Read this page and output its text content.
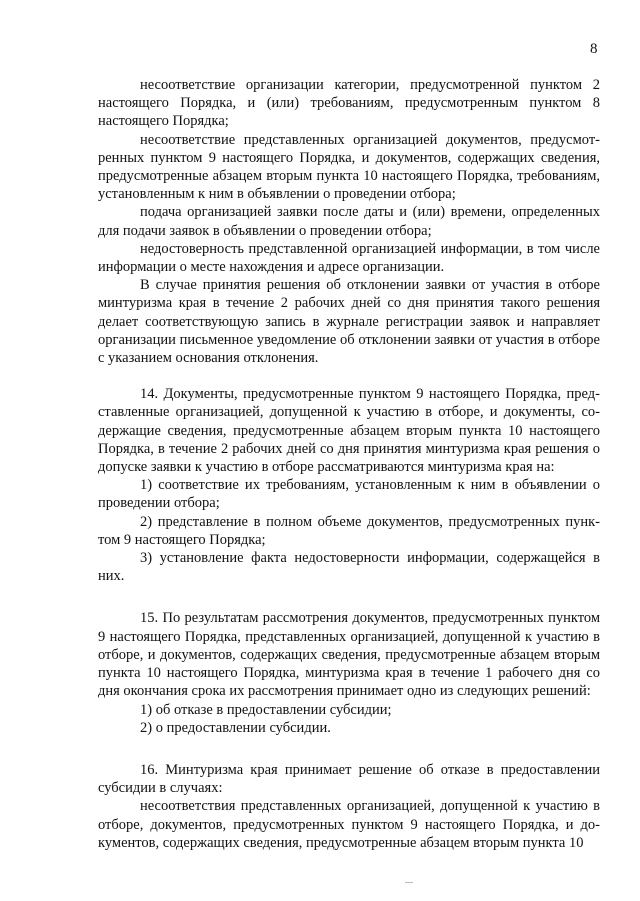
8

несоответствие организации категории, предусмотренной пунктом 2 настоящего Порядка, и (или) требованиям, предусмотренным пунктом 8 настоящего Порядка;

несоответствие представленных организацией документов, предусмотренных пунктом 9 настоящего Порядка, и документов, содержащих сведения, предусмотренные абзацем вторым пункта 10 настоящего Порядка, требованиям, установленным к ним в объявлении о проведении отбора;

подача организацией заявки после даты и (или) времени, определенных для подачи заявок в объявлении о проведении отбора;

недостоверность представленной организацией информации, в том числе информации о месте нахождения и адресе организации.

В случае принятия решения об отклонении заявки от участия в отборе минтуризма края в течение 2 рабочих дней со дня принятия такого решения делает соответствующую запись в журнале регистрации заявок и направляет организации письменное уведомление об отклонении заявки от участия в отборе с указанием основания отклонения.

14. Документы, предусмотренные пунктом 9 настоящего Порядка, представленные организацией, допущенной к участию в отборе, и документы, содержащие сведения, предусмотренные абзацем вторым пункта 10 настоящего Порядка, в течение 2 рабочих дней со дня принятия минтуризма края решения о допуске заявки к участию в отборе рассматриваются минтуризма края на:

1) соответствие их требованиям, установленным к ним в объявлении о проведении отбора;

2) представление в полном объеме документов, предусмотренных пунктом 9 настоящего Порядка;

3) установление факта недостоверности информации, содержащейся в них.

15. По результатам рассмотрения документов, предусмотренных пунктом 9 настоящего Порядка, представленных организацией, допущенной к участию в отборе, и документов, содержащих сведения, предусмотренные абзацем вторым пункта 10 настоящего Порядка, минтуризма края в течение 1 рабочего дня со дня окончания срока их рассмотрения принимает одно из следующих решений:

1) об отказе в предоставлении субсидии;

2) о предоставлении субсидии.

16. Минтуризма края принимает решение об отказе в предоставлении субсидии в случаях:

несоответствия представленных организацией, допущенной к участию в отборе, документов, предусмотренных пунктом 9 настоящего Порядка, и документов, содержащих сведения, предусмотренные абзацем вторым пункта 10
